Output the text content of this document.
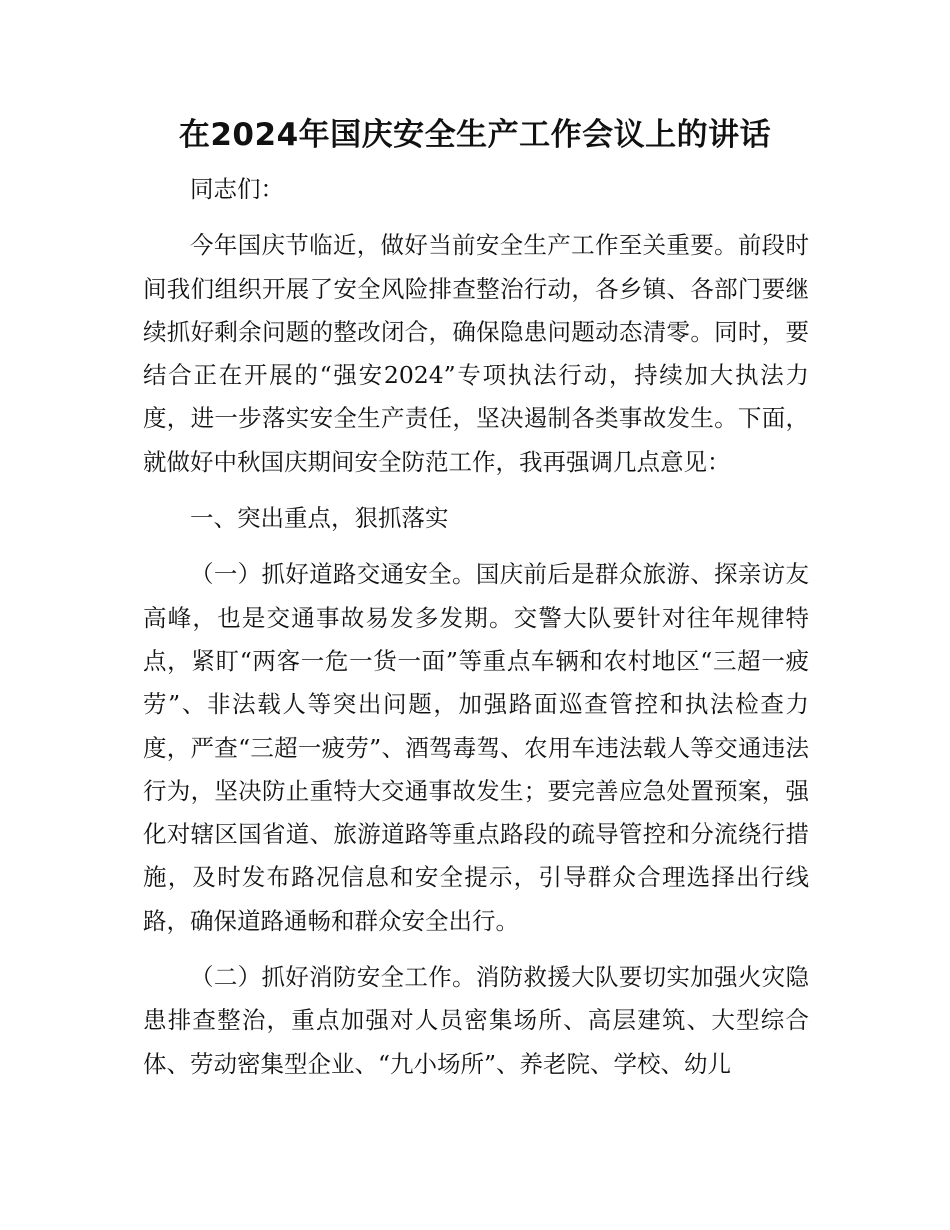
在2024年国庆安全生产工作会议上的讲话

同志们：

今年国庆节临近，做好当前安全生产工作至关重要。前段时间我们组织开展了安全风险排查整治行动，各乡镇、各部门要继续抓好剩余问题的整改闭合，确保隐患问题动态清零。同时，要结合正在开展的“强安2024”专项执法行动，持续加大执法力度，进一步落实安全生产责任，坚决遏制各类事故发生。下面，就做好中秋国庆期间安全防范工作，我再强调几点意见：

一、突出重点，狠抓落实

（一）抓好道路交通安全。国庆前后是群众旅游、探亲访友高峰，也是交通事故易发多发期。交警大队要针对往年规律特点，紧盯“两客一危一货一面”等重点车辆和农村地区“三超一疲劳”、非法载人等突出问题，加强路面巡查管控和执法检查力度，严查“三超一疲劳”、酒驾毒驾、农用车违法载人等交通违法行为，坚决防止重特大交通事故发生；要完善应急处置预案，强化对辖区国省道、旅游道路等重点路段的疏导管控和分流绕行措施，及时发布路况信息和安全提示，引导群众合理选择出行线路，确保道路通畅和群众安全出行。

（二）抓好消防安全工作。消防救援大队要切实加强火灾隐患排查整治，重点加强对人员密集场所、高层建筑、大型综合体、劳动密集型企业、“九小场所”、养老院、学校、幼儿
